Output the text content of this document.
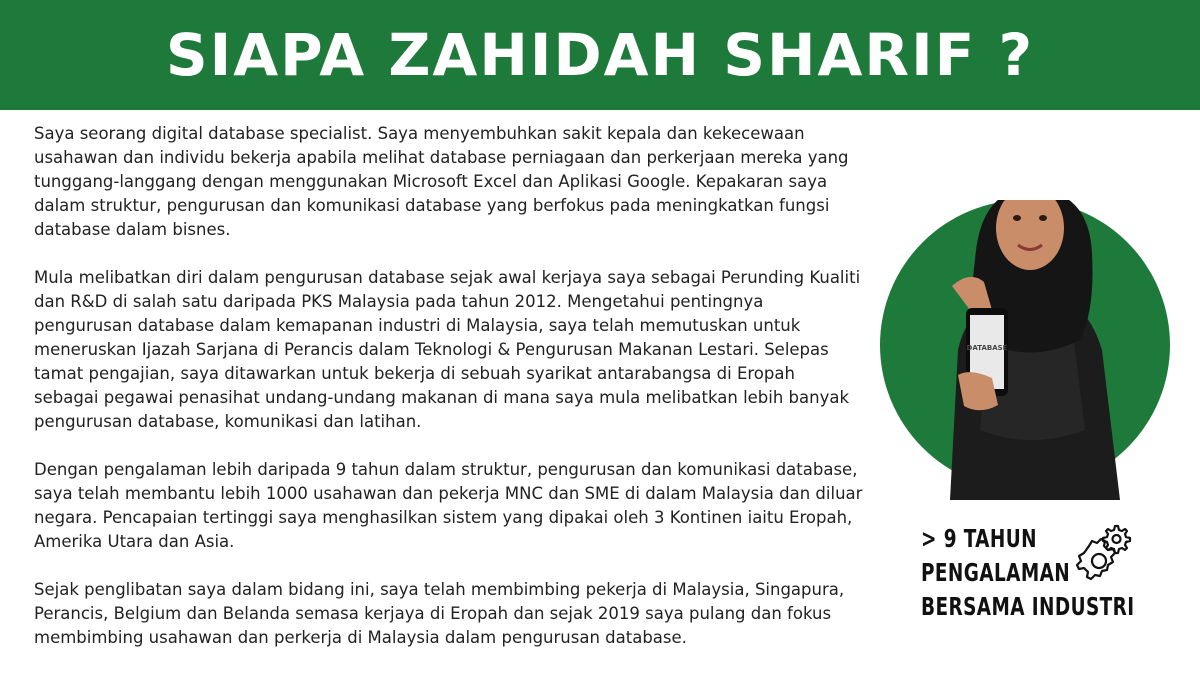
SIAPA ZAHIDAH SHARIF ?

Saya seorang digital database specialist. Saya menyembuhkan sakit kepala dan kekecewaan usahawan dan individu bekerja apabila melihat database perniagaan dan perkerjaan mereka yang tunggang-langgang dengan menggunakan Microsoft Excel dan Aplikasi Google. Kepakaran saya dalam struktur, pengurusan dan komunikasi database yang berfokus pada meningkatkan fungsi database dalam bisnes.

Mula melibatkan diri dalam pengurusan database sejak awal kerjaya saya sebagai Perunding Kualiti dan R&D di salah satu daripada PKS Malaysia pada tahun 2012. Mengetahui pentingnya pengurusan database dalam kemapanan industri di Malaysia, saya telah memutuskan untuk meneruskan Ijazah Sarjana di Perancis dalam Teknologi & Pengurusan Makanan Lestari. Selepas tamat pengajian, saya ditawarkan untuk bekerja di sebuah syarikat antarabangsa di Eropah sebagai pegawai penasihat undang-undang makanan di mana saya mula melibatkan lebih banyak pengurusan database, komunikasi dan latihan.

Dengan pengalaman lebih daripada 9 tahun dalam struktur, pengurusan dan komunikasi database, saya telah membantu lebih 1000 usahawan dan pekerja MNC dan SME di dalam Malaysia dan diluar negara. Pencapaian tertinggi saya menghasilkan sistem yang dipakai oleh 3 Kontinen iaitu Eropah, Amerika Utara dan Asia.

Sejak penglibatan saya dalam bidang ini, saya telah membimbing pekerja di Malaysia, Singapura, Perancis, Belgium dan Belanda semasa kerjaya di Eropah dan sejak 2019 saya pulang dan fokus membimbing usahawan dan perkerja di Malaysia dalam pengurusan database.

DATABASE
> 9 TAHUN
PENGALAMAN
BERSAMA INDUSTRI
